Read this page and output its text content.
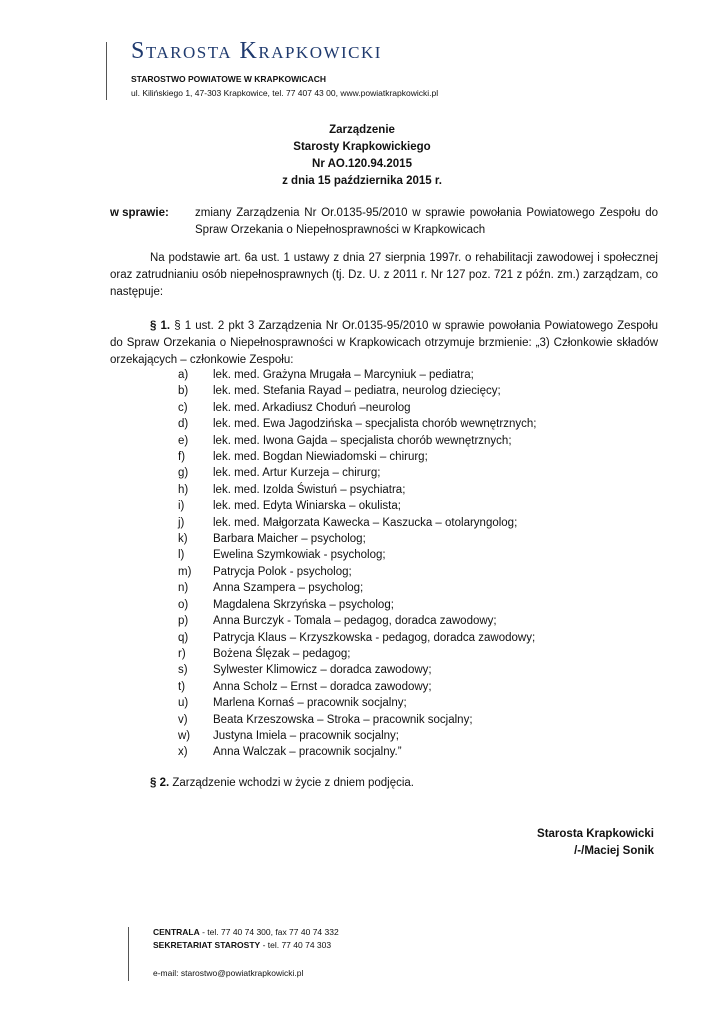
Starosta Krapkowicki
STAROSTWO POWIATOWE W KRAPKOWICACH
ul. Kilińskiego 1, 47-303 Krapkowice, tel. 77 407 43 00, www.powiatkrapkowicki.pl
Zarządzenie
Starosty Krapkowickiego
Nr AO.120.94.2015
z dnia 15 października 2015 r.
w sprawie: zmiany Zarządzenia Nr Or.0135-95/2010 w sprawie powołania Powiatowego Zespołu do Spraw Orzekania o Niepełnosprawności w Krapkowicach
Na podstawie art. 6a ust. 1 ustawy z dnia 27 sierpnia 1997r. o rehabilitacji zawodowej i społecznej oraz zatrudnianiu osób niepełnosprawnych (tj. Dz. U. z 2011 r. Nr 127 poz. 721 z późn. zm.) zarządzam, co następuje:
§ 1. § 1 ust. 2 pkt 3 Zarządzenia Nr Or.0135-95/2010 w sprawie powołania Powiatowego Zespołu do Spraw Orzekania o Niepełnosprawności w Krapkowicach otrzymuje brzmienie: „3) Członkowie składów orzekających – członkowie Zespołu:
a) lek. med. Grażyna Mrugała – Marcyniuk – pediatra;
b) lek. med. Stefania Rayad – pediatra, neurolog dziecięcy;
c) lek. med. Arkadiusz Choduń –neurolog
d) lek. med. Ewa Jagodzińska – specjalista chorób wewnętrznych;
e) lek. med. Iwona Gajda – specjalista chorób wewnętrznych;
f) lek. med. Bogdan Niewiadomski – chirurg;
g) lek. med. Artur Kurzeja – chirurg;
h) lek. med. Izolda Świstuń – psychiatra;
i) lek. med. Edyta Winiarska – okulista;
j) lek. med. Małgorzata Kawecka – Kaszucka – otolaryngolog;
k) Barbara Maicher – psycholog;
l) Ewelina Szymkowiak - psycholog;
m) Patrycja Polok - psycholog;
n) Anna Szampera – psycholog;
o) Magdalena Skrzyńska – psycholog;
p) Anna Burczyk - Tomala – pedagog, doradca zawodowy;
q) Patrycja Klaus – Krzyszkowska - pedagog, doradca zawodowy;
r) Bożena Ślęzak – pedagog;
s) Sylwester Klimowicz – doradca zawodowy;
t) Anna Scholz – Ernst – doradca zawodowy;
u) Marlena Kornaś – pracownik socjalny;
v) Beata Krzeszowska – Stroka – pracownik socjalny;
w) Justyna Imiela – pracownik socjalny;
x) Anna Walczak – pracownik socjalny.”
§ 2. Zarządzenie wchodzi w życie z dniem podjęcia.
Starosta Krapkowicki
/-/Maciej Sonik
CENTRALA - tel. 77 40 74 300, fax 77 40 74 332
SEKRETARIAT STAROSTY - tel. 77 40 74 303
e-mail: starostwo@powiatkrapkowicki.pl
